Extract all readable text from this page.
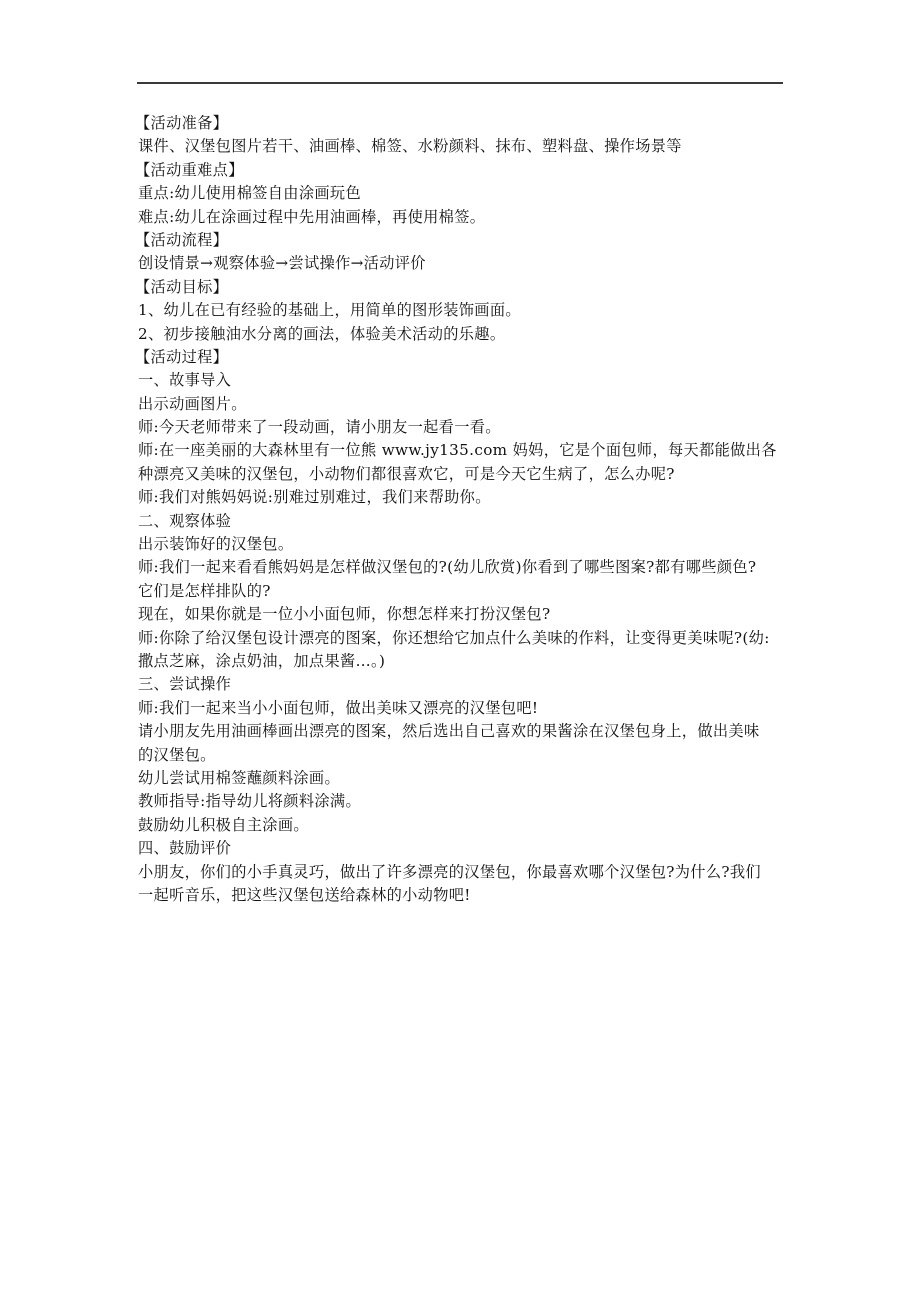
【活动准备】
课件、汉堡包图片若干、油画棒、棉签、水粉颜料、抹布、塑料盘、操作场景等
【活动重难点】
重点:幼儿使用棉签自由涂画玩色
难点:幼儿在涂画过程中先用油画棒，再使用棉签。
【活动流程】
创设情景→观察体验→尝试操作→活动评价
【活动目标】
1、幼儿在已有经验的基础上，用简单的图形装饰画面。
2、初步接触油水分离的画法，体验美术活动的乐趣。
【活动过程】
一、故事导入
出示动画图片。
师:今天老师带来了一段动画，请小朋友一起看一看。
师:在一座美丽的大森林里有一位熊 www.jy135.com 妈妈，它是个面包师，每天都能做出各
种漂亮又美味的汉堡包，小动物们都很喜欢它，可是今天它生病了，怎么办呢?
师:我们对熊妈妈说:别难过别难过，我们来帮助你。
二、观察体验
出示装饰好的汉堡包。
师:我们一起来看看熊妈妈是怎样做汉堡包的?(幼儿欣赏)你看到了哪些图案?都有哪些颜色?
它们是怎样排队的?
现在，如果你就是一位小小面包师，你想怎样来打扮汉堡包?
师:你除了给汉堡包设计漂亮的图案，你还想给它加点什么美味的作料，让变得更美味呢?(幼:
撒点芝麻，涂点奶油，加点果酱…。)
三、尝试操作
师:我们一起来当小小面包师，做出美味又漂亮的汉堡包吧!
请小朋友先用油画棒画出漂亮的图案，然后选出自己喜欢的果酱涂在汉堡包身上，做出美味
的汉堡包。
幼儿尝试用棉签蘸颜料涂画。
教师指导:指导幼儿将颜料涂满。
鼓励幼儿积极自主涂画。
四、鼓励评价
小朋友，你们的小手真灵巧，做出了许多漂亮的汉堡包，你最喜欢哪个汉堡包?为什么?我们
一起听音乐，把这些汉堡包送给森林的小动物吧!
